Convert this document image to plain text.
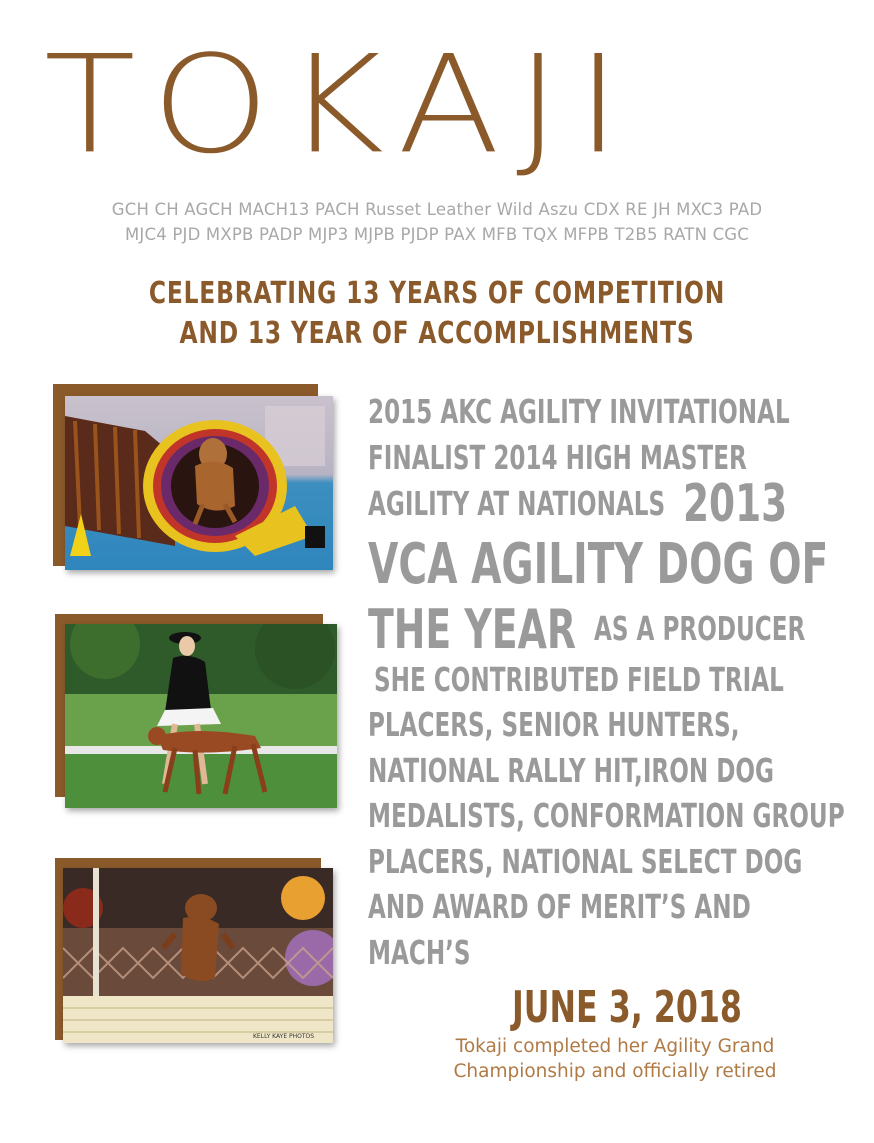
TOKAJI
GCH CH AGCH MACH13 PACH Russet Leather Wild Aszu CDX RE JH MXC3 PAD
MJC4 PJD MXPB PADP MJP3 MJPB PJDP PAX MFB TQX MFPB T2B5 RATN CGC
CELEBRATING 13 YEARS OF COMPETITION
AND 13 YEAR OF ACCOMPLISHMENTS
KELLY KAYE PHOTOS
2015 AKC AGILITY INVITATIONAL
FINALIST 2014 HIGH MASTER
AGILITY AT NATIONALS 2013
VCA AGILITY DOG OF
THE YEAR AS A PRODUCER
SHE CONTRIBUTED FIELD TRIAL
PLACERS, SENIOR HUNTERS,
NATIONAL RALLY HIT,IRON DOG
MEDALISTS, CONFORMATION GROUP
PLACERS, NATIONAL SELECT DOG
AND AWARD OF MERIT’S AND
MACH’S
JUNE 3, 2018
Tokaji completed her Agility Grand
Championship and officially retired
